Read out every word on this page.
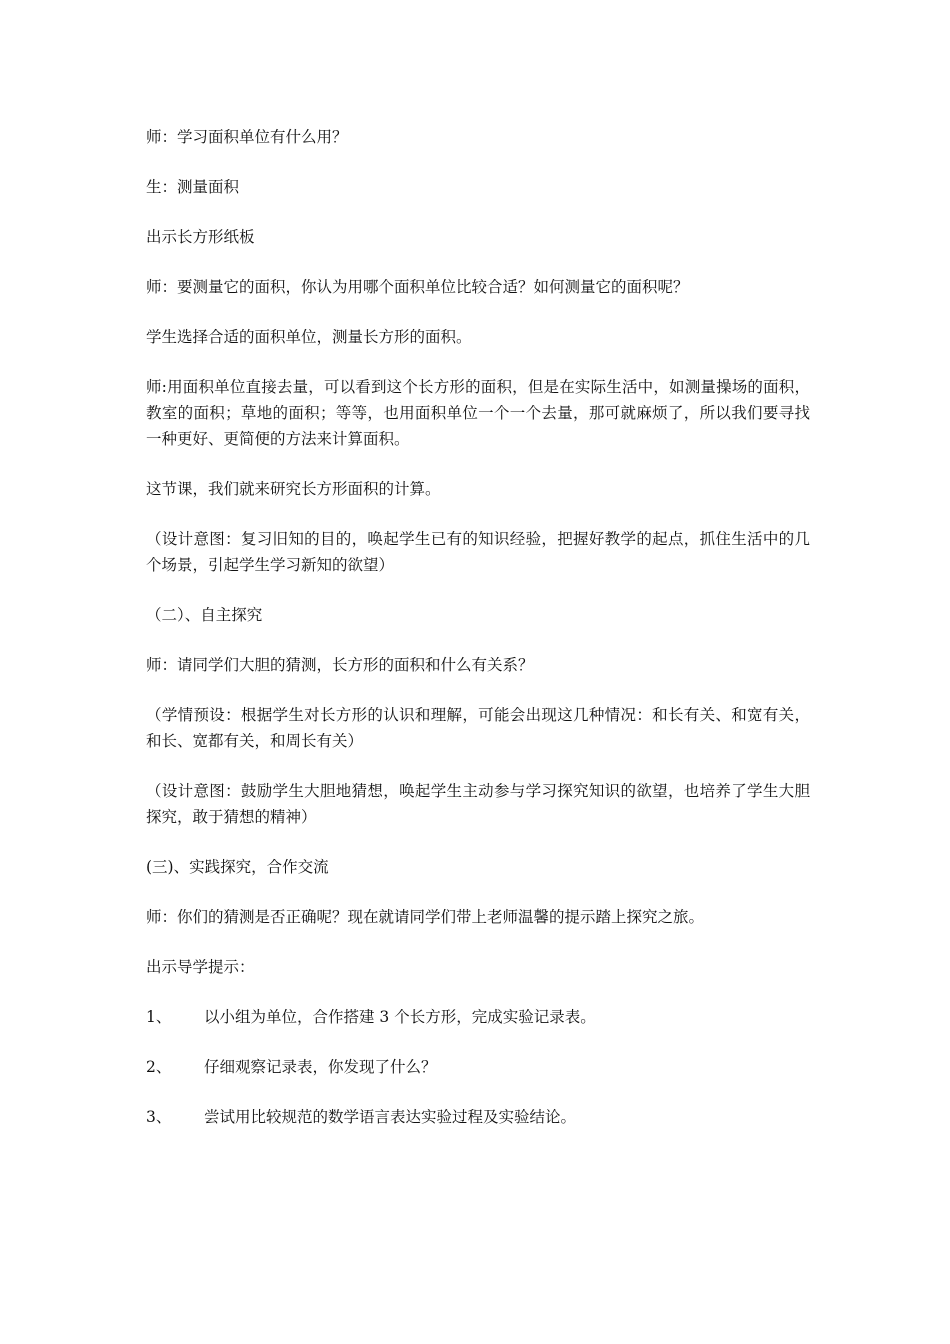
师：学习面积单位有什么用？

生：测量面积

出示长方形纸板

师：要测量它的面积，你认为用哪个面积单位比较合适？如何测量它的面积呢？

学生选择合适的面积单位，测量长方形的面积。

师:用面积单位直接去量，可以看到这个长方形的面积，但是在实际生活中，如测量操场的面积，教室的面积；草地的面积；等等，也用面积单位一个一个去量，那可就麻烦了，所以我们要寻找一种更好、更简便的方法来计算面积。

这节课，我们就来研究长方形面积的计算。

（设计意图：复习旧知的目的，唤起学生已有的知识经验，把握好教学的起点，抓住生活中的几个场景，引起学生学习新知的欲望）

（二）、自主探究

师：请同学们大胆的猜测，长方形的面积和什么有关系？

（学情预设：根据学生对长方形的认识和理解，可能会出现这几种情况：和长有关、和宽有关，和长、宽都有关，和周长有关）

（设计意图：鼓励学生大胆地猜想，唤起学生主动参与学习探究知识的欲望，也培养了学生大胆探究，敢于猜想的精神）

(三)、实践探究，合作交流

师：你们的猜测是否正确呢？现在就请同学们带上老师温馨的提示踏上探究之旅。

出示导学提示：

1、	以小组为单位，合作搭建 3 个长方形，完成实验记录表。
2、	仔细观察记录表，你发现了什么？
3、	尝试用比较规范的数学语言表达实验过程及实验结论。
